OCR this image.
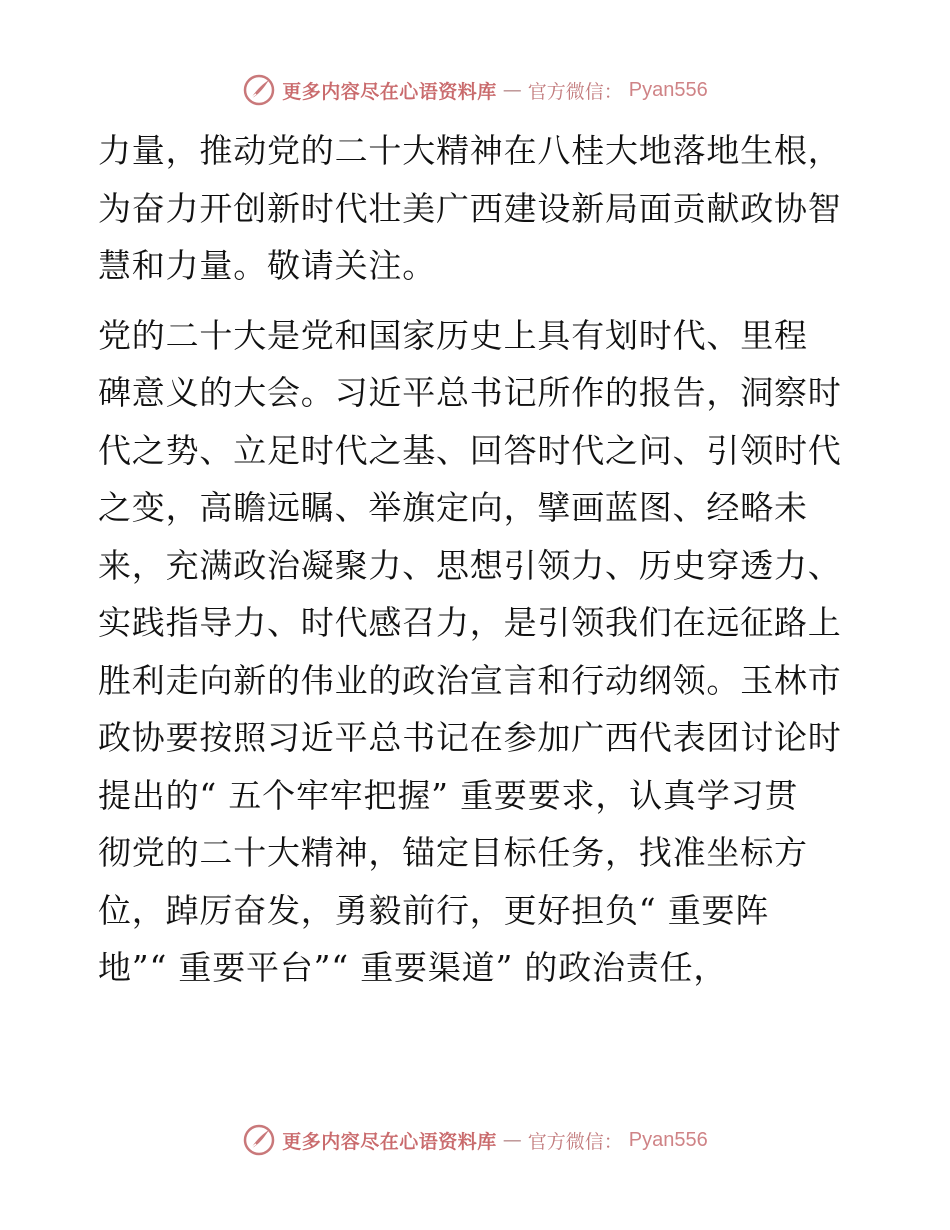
更多内容尽在心语资料库 — 官方微信： Pyan556

力量，推动党的二十大精神在八桂大地落地生根，
为奋力开创新时代壮美广西建设新局面贡献政协智
慧和力量。敬请关注。

党的二十大是党和国家历史上具有划时代、里程
碑意义的大会。习近平总书记所作的报告，洞察时
代之势、立足时代之基、回答时代之问、引领时代
之变，高瞻远瞩、举旗定向，擘画蓝图、经略未
来，充满政治凝聚力、思想引领力、历史穿透力、
实践指导力、时代感召力，是引领我们在远征路上
胜利走向新的伟业的政治宣言和行动纲领。玉林市
政协要按照习近平总书记在参加广西代表团讨论时
提出的“ 五个牢牢把握” 重要要求，认真学习贯
彻党的二十大精神，锚定目标任务，找准坐标方
位，踔厉奋发，勇毅前行，更好担负“ 重要阵
地”“ 重要平台”“ 重要渠道” 的政治责任，

更多内容尽在心语资料库 — 官方微信： Pyan556
